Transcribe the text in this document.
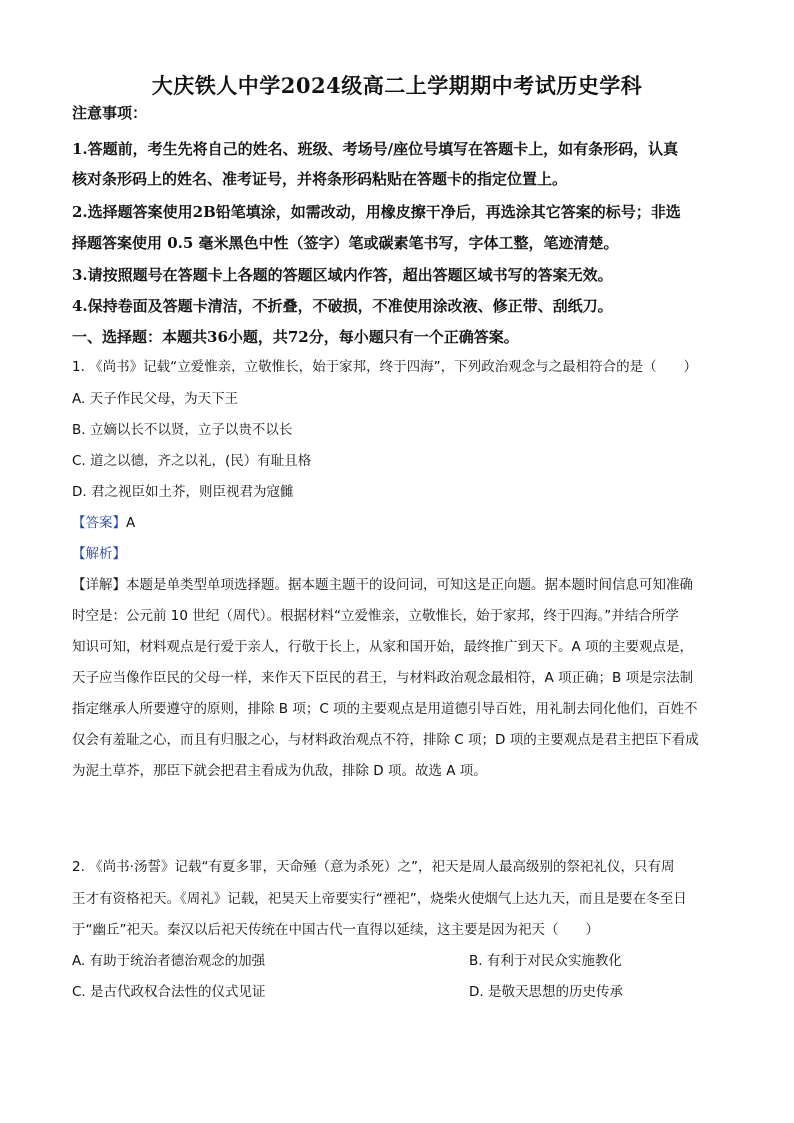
大庆铁人中学2024级高二上学期期中考试历史学科
注意事项：
1.答题前，考生先将自己的姓名、班级、考场号/座位号填写在答题卡上，如有条形码，认真
核对条形码上的姓名、准考证号，并将条形码粘贴在答题卡的指定位置上。
2.选择题答案使用2B铅笔填涂，如需改动，用橡皮擦干净后，再选涂其它答案的标号；非选
择题答案使用 0.5 毫米黑色中性（签字）笔或碳素笔书写，字体工整，笔迹清楚。
3.请按照题号在答题卡上各题的答题区域内作答，超出答题区域书写的答案无效。
4.保持卷面及答题卡清洁，不折叠，不破损，不准使用涂改液、修正带、刮纸刀。
一、选择题：本题共36小题，共72分，每小题只有一个正确答案。
1. 《尚书》记载“立爱惟亲，立敬惟长，始于家邦，终于四海”，下列政治观念与之最相符合的是（　　）
A. 天子作民父母，为天下王
B. 立嫡以长不以贤，立子以贵不以长
C. 道之以德，齐之以礼，(民）有耻且格
D. 君之视臣如土芥，则臣视君为寇雠
【答案】A
【解析】
【详解】本题是单类型单项选择题。据本题主题干的设问词，可知这是正向题。据本题时间信息可知准确
时空是：公元前 10 世纪（周代）。根据材料“立爱惟亲，立敬惟长，始于家邦，终于四海。”并结合所学
知识可知，材料观点是行爱于亲人，行敬于长上，从家和国开始，最终推广到天下。A 项的主要观点是，
天子应当像作臣民的父母一样，来作天下臣民的君王，与材料政治观念最相符，A 项正确；B 项是宗法制
指定继承人所要遵守的原则，排除 B 项；C 项的主要观点是用道德引导百姓，用礼制去同化他们，百姓不
仅会有羞耻之心，而且有归服之心，与材料政治观点不符，排除 C 项；D 项的主要观点是君主把臣下看成
为泥土草芥，那臣下就会把君主看成为仇敌，排除 D 项。故选 A 项。
2. 《尚书·汤誓》记载“有夏多罪，天命殛（意为杀死）之”，祀天是周人最高级别的祭祀礼仪，只有周
王才有资格祀天。《周礼》记载，祀昊天上帝要实行“禋祀”，烧柴火使烟气上达九天，而且是要在冬至日
于“幽丘”祀天。秦汉以后祀天传统在中国古代一直得以延续，这主要是因为祀天（　　）
A. 有助于统治者德治观念的加强	B. 有利于对民众实施教化
C. 是古代政权合法性的仪式见证	D. 是敬天思想的历史传承
